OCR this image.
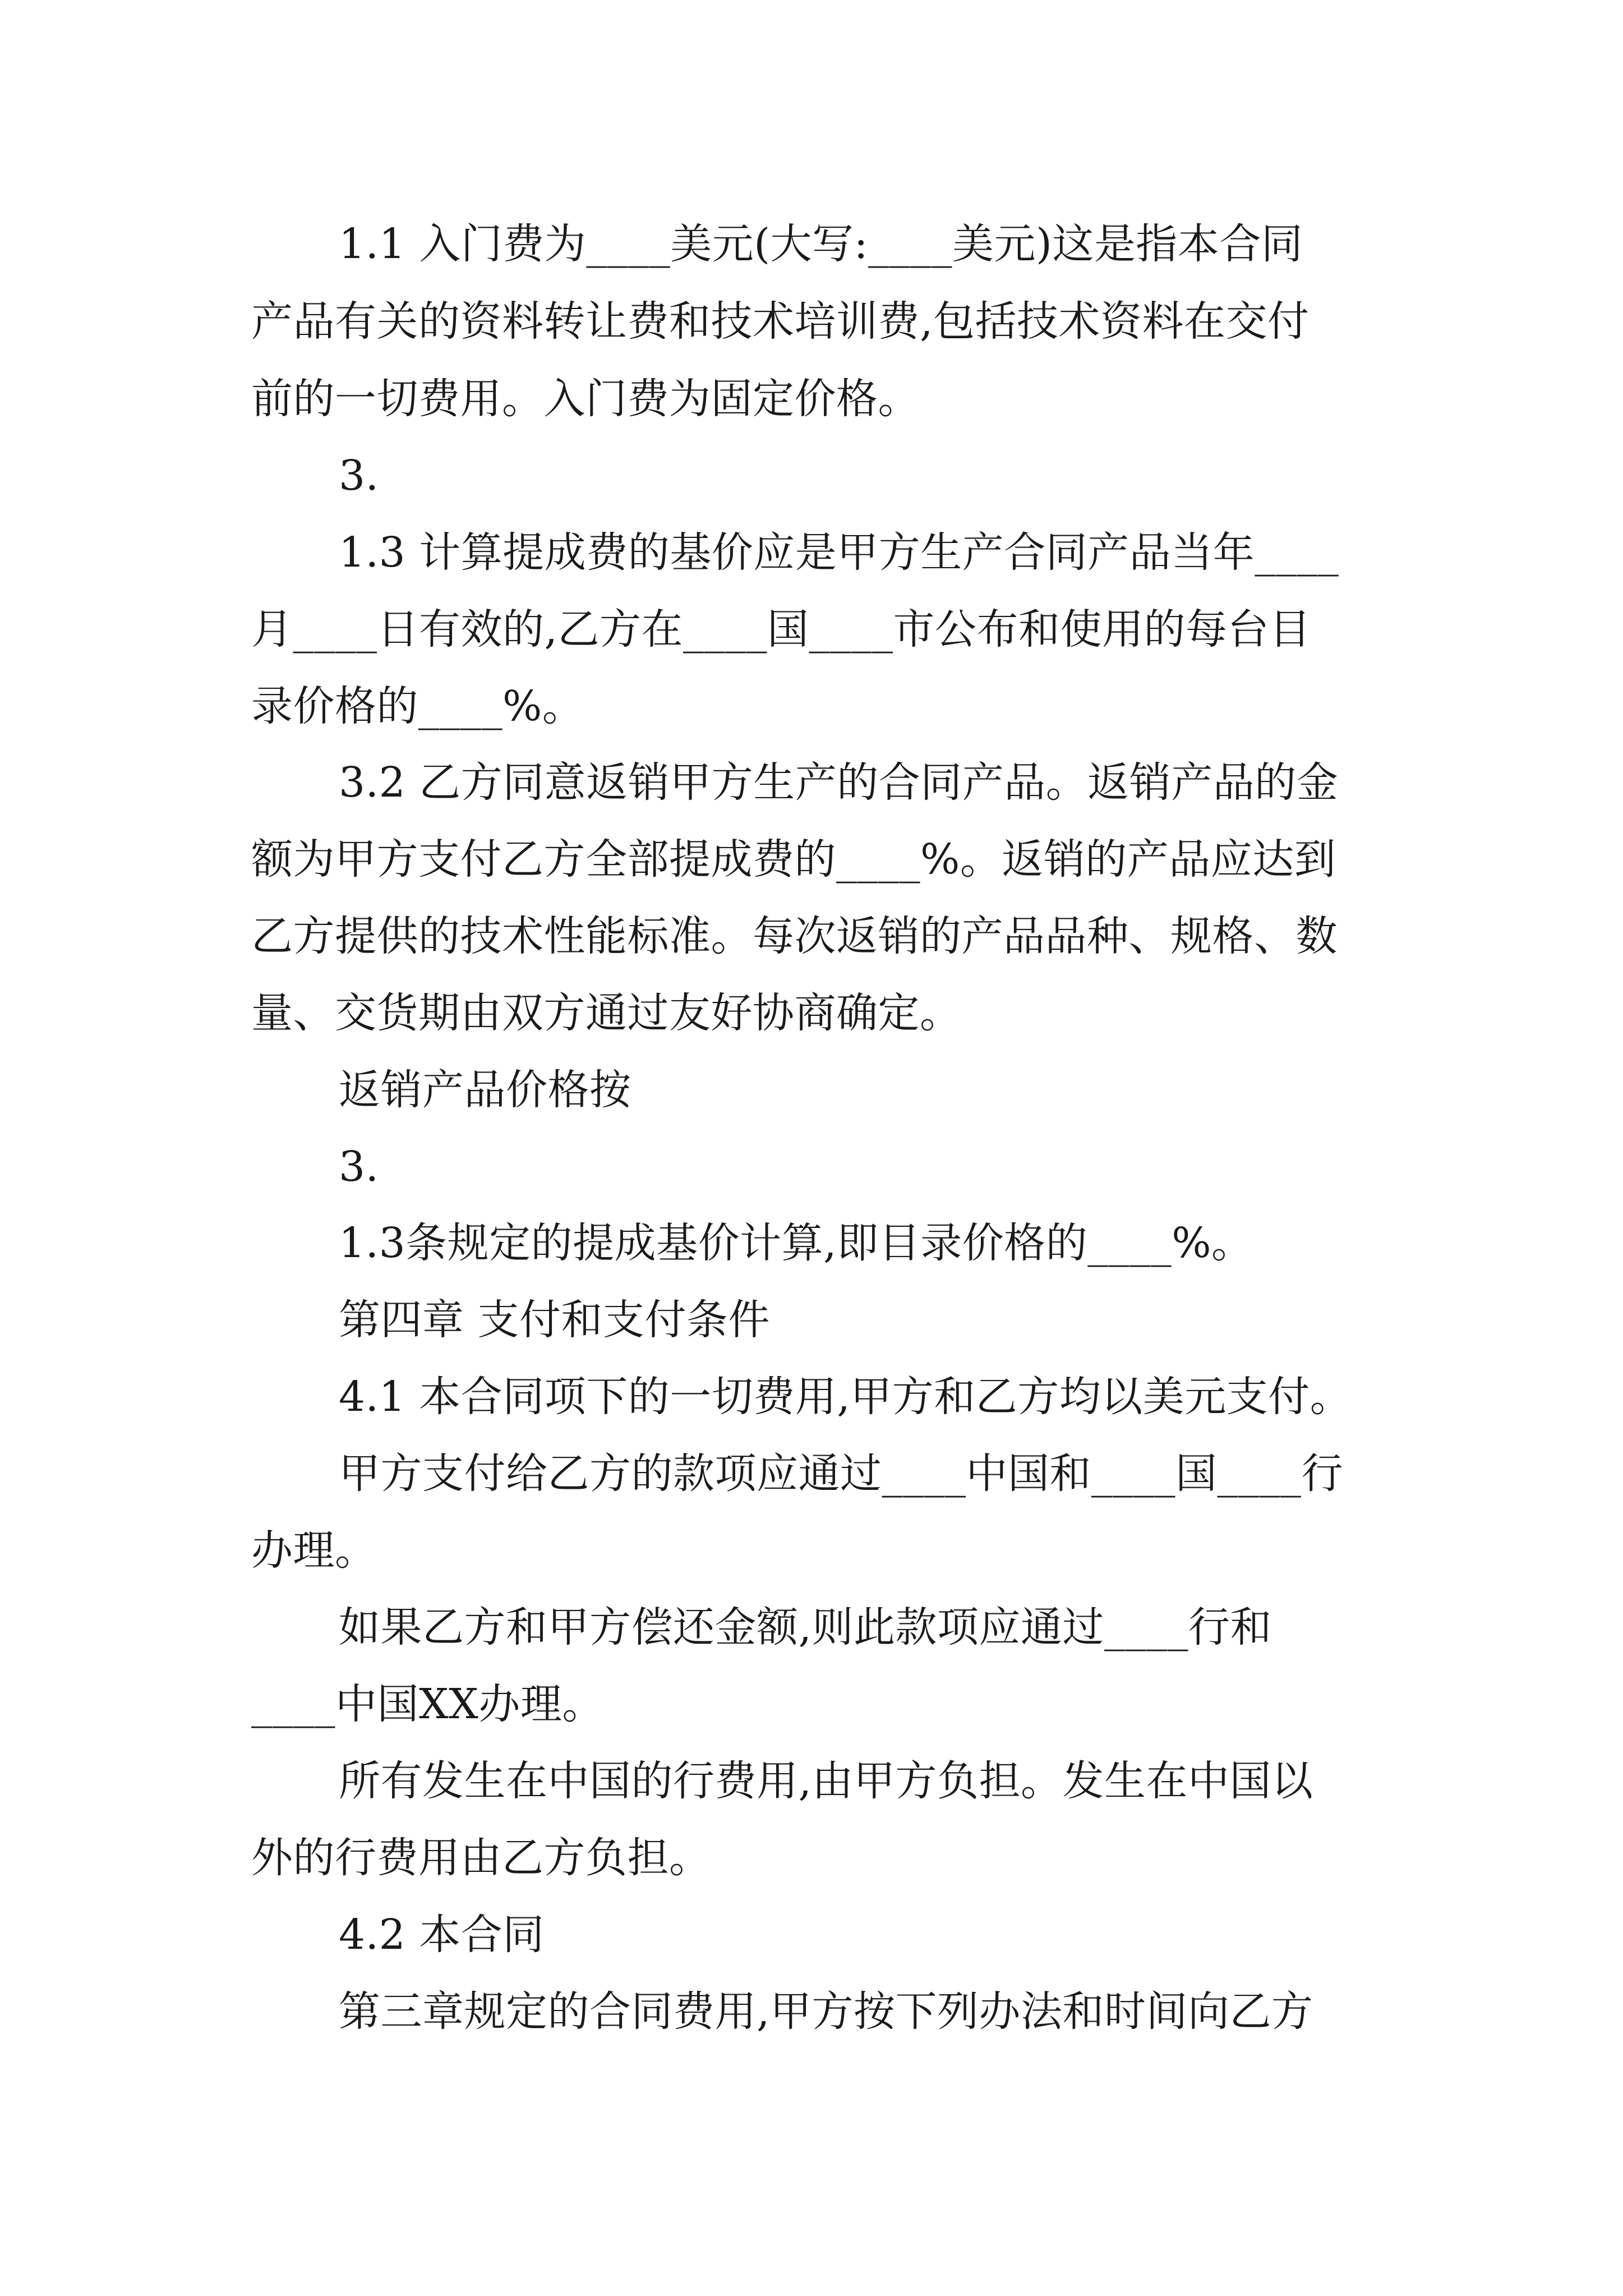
1.1 入门费为____美元(大写:____美元)这是指本合同
产品有关的资料转让费和技术培训费,包括技术资料在交付
前的一切费用。入门费为固定价格。
3.
1.3 计算提成费的基价应是甲方生产合同产品当年____
月____日有效的,乙方在____国____市公布和使用的每台目
录价格的____%。
3.2 乙方同意返销甲方生产的合同产品。返销产品的金
额为甲方支付乙方全部提成费的____%。返销的产品应达到
乙方提供的技术性能标准。每次返销的产品品种、规格、数
量、交货期由双方通过友好协商确定。
返销产品价格按
3.
1.3条规定的提成基价计算,即目录价格的____%。
第四章 支付和支付条件
4.1 本合同项下的一切费用,甲方和乙方均以美元支付。
甲方支付给乙方的款项应通过____中国和____国____行
办理。
如果乙方和甲方偿还金额,则此款项应通过____行和
____中国XX办理。
所有发生在中国的行费用,由甲方负担。发生在中国以
外的行费用由乙方负担。
4.2 本合同
第三章规定的合同费用,甲方按下列办法和时间向乙方
